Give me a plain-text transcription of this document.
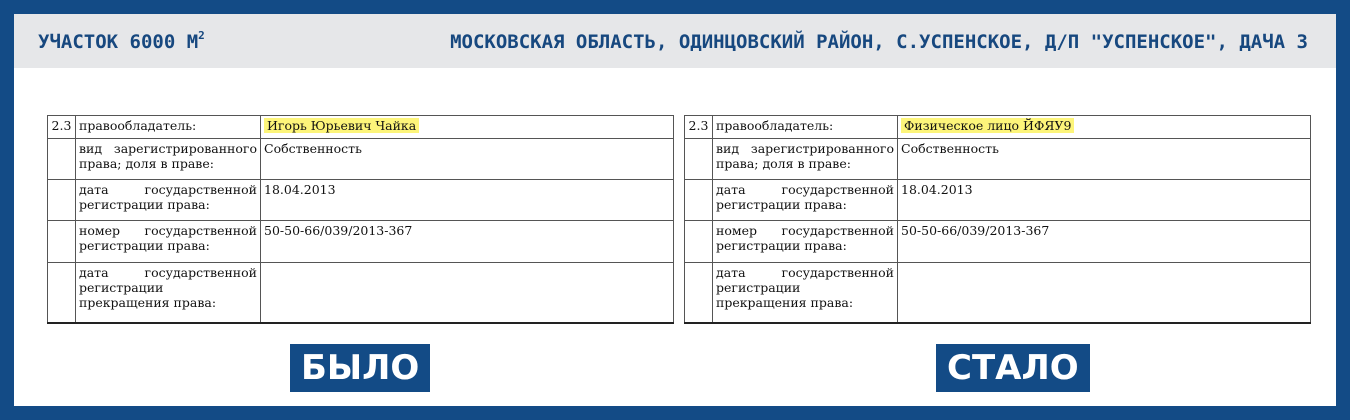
УЧАСТОК 6000 $М^2$	МОСКОВСКАЯ ОБЛАСТЬ, ОДИНЦОВСКИЙ РАЙОН, С.УСПЕНСКОЕ, Д/П "УСПЕНСКОЕ", ДАЧА 3
2.3	правообладатель:	Игорь Юрьевич Чайка
	вид зарегистрированного права; доля в праве:	Собственность
	дата государственной регистрации права:	18.04.2013
	номер государственной регистрации права:	50-50-66/039/2013-367
	дата государственной регистрации прекращения права:	
2.3	правообладатель:	Физическое лицо ЙФЯУ9
	вид зарегистрированного права; доля в праве:	Собственность
	дата государственной регистрации права:	18.04.2013
	номер государственной регистрации права:	50-50-66/039/2013-367
	дата государственной регистрации прекращения права:	
БЫЛО	СТАЛО
